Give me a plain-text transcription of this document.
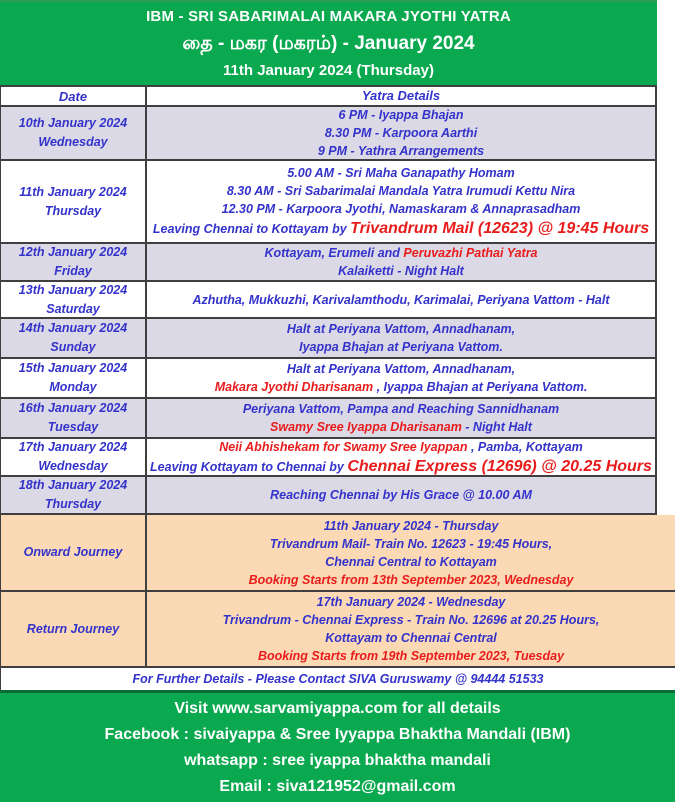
IBM - SRI SABARIMALAI MAKARA JYOTHI YATRA
தை - மகர (மகரம்) - January 2024
11th January 2024 (Thursday)
Date	Yatra Details
10th January 2024
Wednesday
6 PM - Iyappa Bhajan
8.30 PM - Karpoora Aarthi
9 PM - Yathra Arrangements
11th January 2024
Thursday
5.00 AM - Sri Maha Ganapathy Homam
8.30 AM - Sri Sabarimalai Mandala Yatra Irumudi Kettu Nira
12.30 PM - Karpoora Jyothi, Namaskaram & Annaprasadham
Leaving Chennai to Kottayam by Trivandrum Mail (12623) @ 19:45 Hours
12th January 2024
Friday
Kottayam, Erumeli and Peruvazhi Pathai Yatra
Kalaiketti - Night Halt
13th January 2024
Saturday
Azhutha, Mukkuzhi, Karivalamthodu, Karimalai, Periyana Vattom - Halt
14th January 2024
Sunday
Halt at Periyana Vattom, Annadhanam,
Iyappa Bhajan at Periyana Vattom.
15th January 2024
Monday
Halt at Periyana Vattom, Annadhanam,
Makara Jyothi Dharisanam , Iyappa Bhajan at Periyana Vattom.
16th January 2024
Tuesday
Periyana Vattom, Pampa and Reaching Sannidhanam
Swamy Sree Iyappa Dharisanam - Night Halt
17th January 2024
Wednesday
Neii Abhishekam for Swamy Sree Iyappan , Pamba, Kottayam
Leaving Kottayam to Chennai by Chennai Express (12696) @ 20.25 Hours
18th January 2024
Thursday
Reaching Chennai by His Grace @ 10.00 AM
Onward Journey
11th January 2024 - Thursday
Trivandrum Mail- Train No. 12623 - 19:45 Hours,
Chennai Central to Kottayam
Booking Starts from 13th September 2023, Wednesday
Return Journey
17th January 2024 - Wednesday
Trivandrum - Chennai Express - Train No. 12696 at 20.25 Hours,
Kottayam to Chennai Central
Booking Starts from 19th September 2023, Tuesday
For Further Details - Please Contact SIVA Guruswamy @ 94444 51533
Visit www.sarvamiyappa.com for all details
Facebook : sivaiyappa & Sree Iyyappa Bhaktha Mandali (IBM)
whatsapp : sree iyappa bhaktha mandali
Email : siva121952@gmail.com
